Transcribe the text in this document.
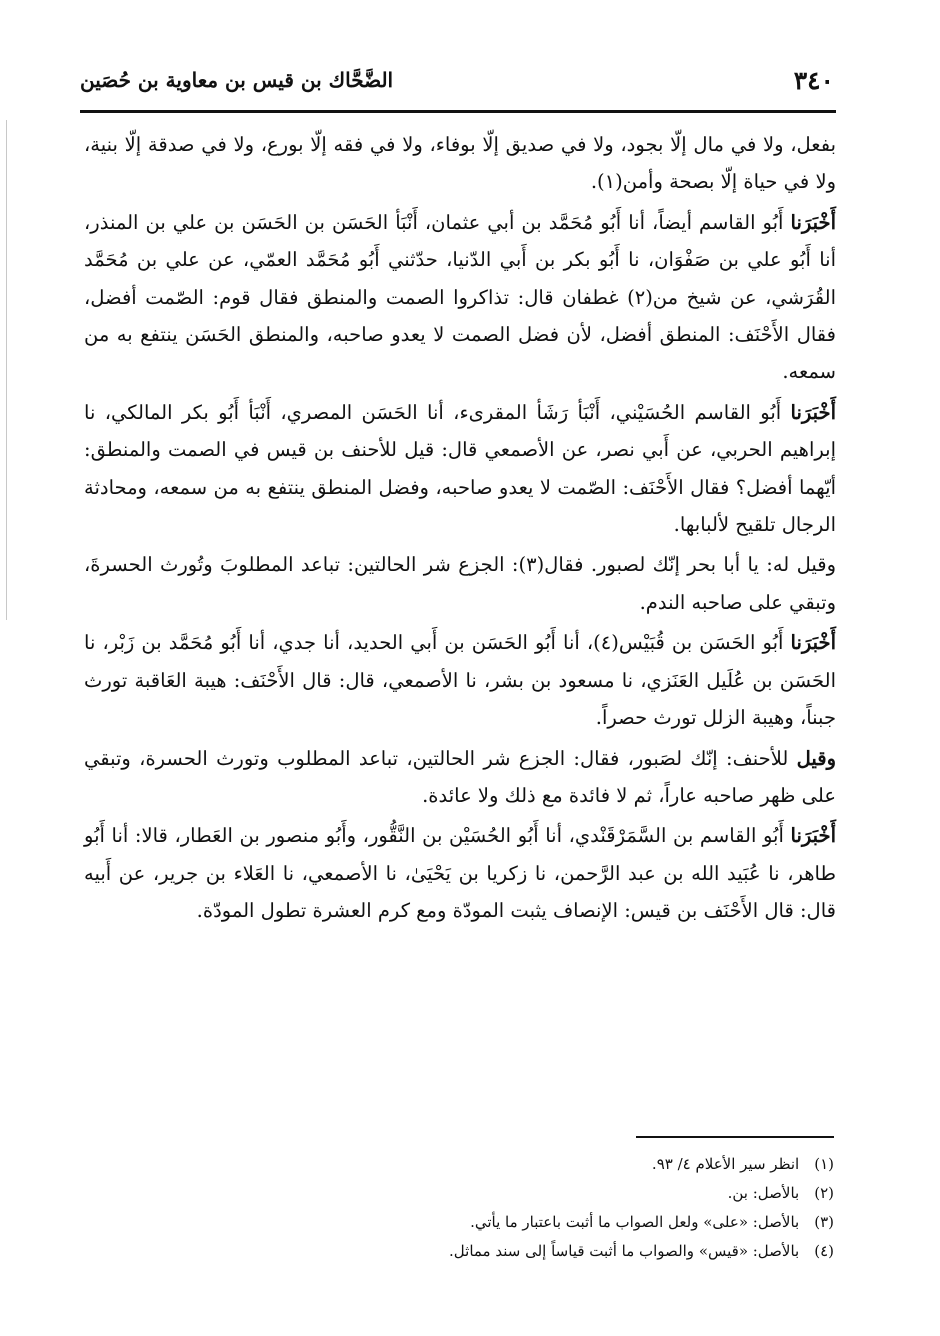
٣٤٠
الضَّحَّاك بن قيس بن معاوية بن حُصَين

بفعل، ولا في مال إلّا بجود، ولا في صديق إلّا بوفاء، ولا في فقه إلّا بورع، ولا في صدقة إلّا بنية، ولا في حياة إلّا بصحة وأمن(١).

أَخْبَرَنا أَبُو القاسم أيضاً، أنا أَبُو مُحَمَّد بن أبي عثمان، أَنْبَأ الحَسَن بن الحَسَن بن علي بن المنذر، أنا أَبُو علي بن صَفْوَان، نا أَبُو بكر بن أَبي الدّنيا، حدّثني أَبُو مُحَمَّد العمّي، عن علي بن مُحَمَّد القُرَشي، عن شيخ من(٢) غطفان قال: تذاكروا الصمت والمنطق فقال قوم: الصّمت أفضل، فقال الأَحْنَف: المنطق أفضل، لأن فضل الصمت لا يعدو صاحبه، والمنطق الحَسَن ينتفع به من سمعه.

أَخْبَرَنا أَبُو القاسم الحُسَيْني، أَنْبَأ رَشَأ المقرىء، أنا الحَسَن المصري، أَنْبَأ أَبُو بكر المالكي، نا إبراهيم الحربي، عن أَبي نصر، عن الأصمعي قال: قيل للأحنف بن قيس في الصمت والمنطق: أيّهما أفضل؟ فقال الأَحْنَف: الصّمت لا يعدو صاحبه، وفضل المنطق ينتفع به من سمعه، ومحادثة الرجال تلقيح لألبابها.

وقيل له: يا أبا بحر إنّك لصبور. فقال(٣): الجزع شر الحالتين: تباعد المطلوبَ وتُورث الحسرةَ، وتبقي على صاحبه الندم.

أَخْبَرَنا أَبُو الحَسَن بن قُبَيْس(٤)، أنا أَبُو الحَسَن بن أَبي الحديد، أنا جدي، أنا أَبُو مُحَمَّد بن زَبْر، نا الحَسَن بن عُلَيل العَنَزي، نا مسعود بن بشر، نا الأصمعي، قال: قال الأَحْنَف: هيبة العَاقبة تورث جبناً، وهيبة الزلل تورث حصراً.

وقيل للأحنف: إنّك لصَبور، فقال: الجزع شر الحالتين، تباعد المطلوب وتورث الحسرة، وتبقي على ظهر صاحبه عاراً، ثم لا فائدة مع ذلك ولا عائدة.

أَخْبَرَنا أَبُو القاسم بن السَّمَرْقَنْدي، أنا أَبُو الحُسَيْن بن النَّقُّور، وأَبُو منصور بن العَطار، قالا: أنا أَبُو طاهر، نا عُبَيد الله بن عبد الرَّحمن، نا زكريا بن يَحْيَىٰ، نا الأصمعي، نا العَلاء بن جرير، عن أَبيه قال: قال الأَحْنَف بن قيس: الإنصاف يثبت المودّة ومع كرم العشرة تطول المودّة.

(١) انظر سير الأعلام ٤/ ٩٣.
(٢) بالأصل: بن.
(٣) بالأصل: «على» ولعل الصواب ما أثبت باعتبار ما يأتي.
(٤) بالأصل: «قيس» والصواب ما أثبت قياساً إلى سند مماثل.
